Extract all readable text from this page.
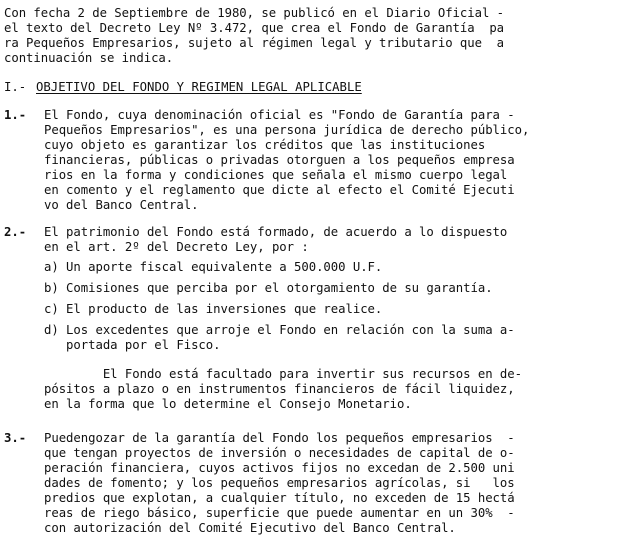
Con fecha 2 de Septiembre de 1980, se publicó en el Diario Oficial -
el texto del Decreto Ley Nº 3.472, que crea el Fondo de Garantía  pa
ra Pequeños Empresarios, sujeto al régimen legal y tributario que  a
continuación se indica.
I.- OBJETIVO DEL FONDO Y REGIMEN LEGAL APLICABLE
1.- El Fondo, cuya denominación oficial es "Fondo de Garantía para -
Pequeños Empresarios", es una persona jurídica de derecho público,
cuyo objeto es garantizar los créditos que las instituciones
financieras, públicas o privadas otorguen a los pequeños empresa
rios en la forma y condiciones que señala el mismo cuerpo legal
en comento y el reglamento que dicte al efecto el Comité Ejecuti
vo del Banco Central.
2.- El patrimonio del Fondo está formado, de acuerdo a lo dispuesto
en el art. 2º del Decreto Ley, por :
a) Un aporte fiscal equivalente a 500.000 U.F.
b) Comisiones que perciba por el otorgamiento de su garantía.
c) El producto de las inversiones que realice.
d) Los excedentes que arroje el Fondo en relación con la suma a-
portada por el Fisco.
El Fondo está facultado para invertir sus recursos en de-
pósitos a plazo o en instrumentos financieros de fácil liquidez,
en la forma que lo determine el Consejo Monetario.
3.- Puedengozar de la garantía del Fondo los pequeños empresarios  -
que tengan proyectos de inversión o necesidades de capital de o-
peración financiera, cuyos activos fijos no excedan de 2.500 uni
dades de fomento; y los pequeños empresarios agrícolas, si   los
predios que explotan, a cualquier título, no exceden de 15 hectá
reas de riego básico, superficie que puede aumentar en un 30%  -
con autorización del Comité Ejecutivo del Banco Central.
